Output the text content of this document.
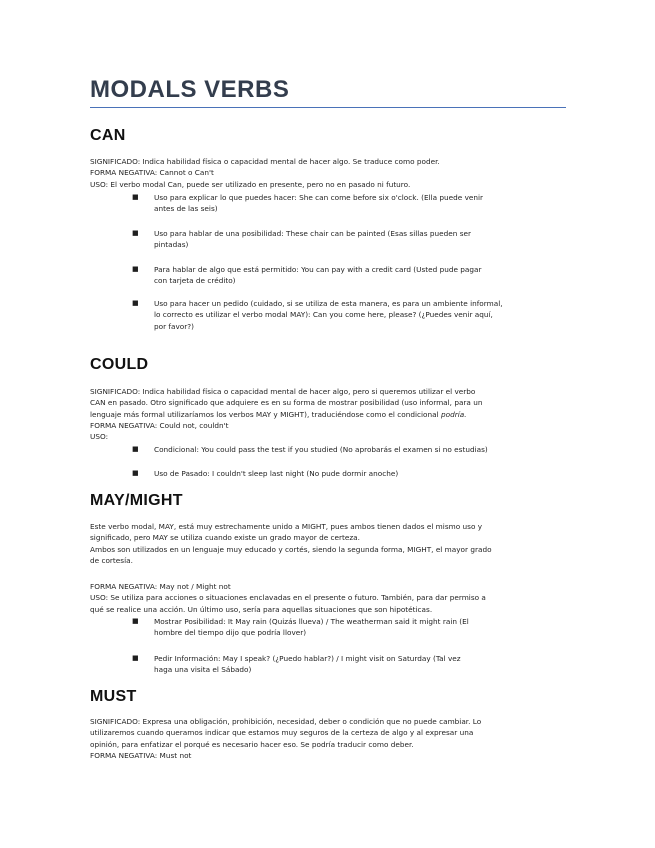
MODALS VERBS
CAN
SIGNIFICADO: Indica habilidad física o capacidad mental de hacer algo. Se traduce como poder.
FORMA NEGATIVA: Cannot o Can't
USO: El verbo modal Can, puede ser utilizado en presente, pero no en pasado ni futuro.
■ Uso para explicar lo que puedes hacer: She can come before six o'clock. (Ella puede venir
antes de las seis)
■ Uso para hablar de una posibilidad: These chair can be painted (Esas sillas pueden ser
pintadas)
■ Para hablar de algo que está permitido: You can pay with a credit card (Usted pude pagar
con tarjeta de crédito)
■ Uso para hacer un pedido (cuidado, si se utiliza de esta manera, es para un ambiente informal,
lo correcto es utilizar el verbo modal MAY): Can you come here, please? (¿Puedes venir aquí,
por favor?)
COULD
SIGNIFICADO: Indica habilidad física o capacidad mental de hacer algo, pero si queremos utilizar el verbo
CAN en pasado. Otro significado que adquiere es en su forma de mostrar posibilidad (uso informal, para un
lenguaje más formal utilizaríamos los verbos MAY y MIGHT), traduciéndose como el condicional podría.
FORMA NEGATIVA: Could not, couldn't
USO:
■ Condicional: You could pass the test if you studied (No aprobarás el examen si no estudias)
■ Uso de Pasado: I couldn't sleep last night (No pude dormir anoche)
MAY/MIGHT
Este verbo modal, MAY, está muy estrechamente unido a MIGHT, pues ambos tienen dados el mismo uso y
significado, pero MAY se utiliza cuando existe un grado mayor de certeza.
Ambos son utilizados en un lenguaje muy educado y cortés, siendo la segunda forma, MIGHT, el mayor grado
de cortesía.
FORMA NEGATIVA: May not / Might not
USO: Se utiliza para acciones o situaciones enclavadas en el presente o futuro. También, para dar permiso a
qué se realice una acción. Un último uso, sería para aquellas situaciones que son hipotéticas.
■ Mostrar Posibilidad: It May rain (Quizás llueva) / The weatherman said it might rain (El
hombre del tiempo dijo que podría llover)
■ Pedir Información: May I speak? (¿Puedo hablar?) / I might visit on Saturday (Tal vez
haga una visita el Sábado)
MUST
SIGNIFICADO: Expresa una obligación, prohibición, necesidad, deber o condición que no puede cambiar. Lo
utilizaremos cuando queramos indicar que estamos muy seguros de la certeza de algo y al expresar una
opinión, para enfatizar el porqué es necesario hacer eso. Se podría traducir como deber.
FORMA NEGATIVA: Must not
